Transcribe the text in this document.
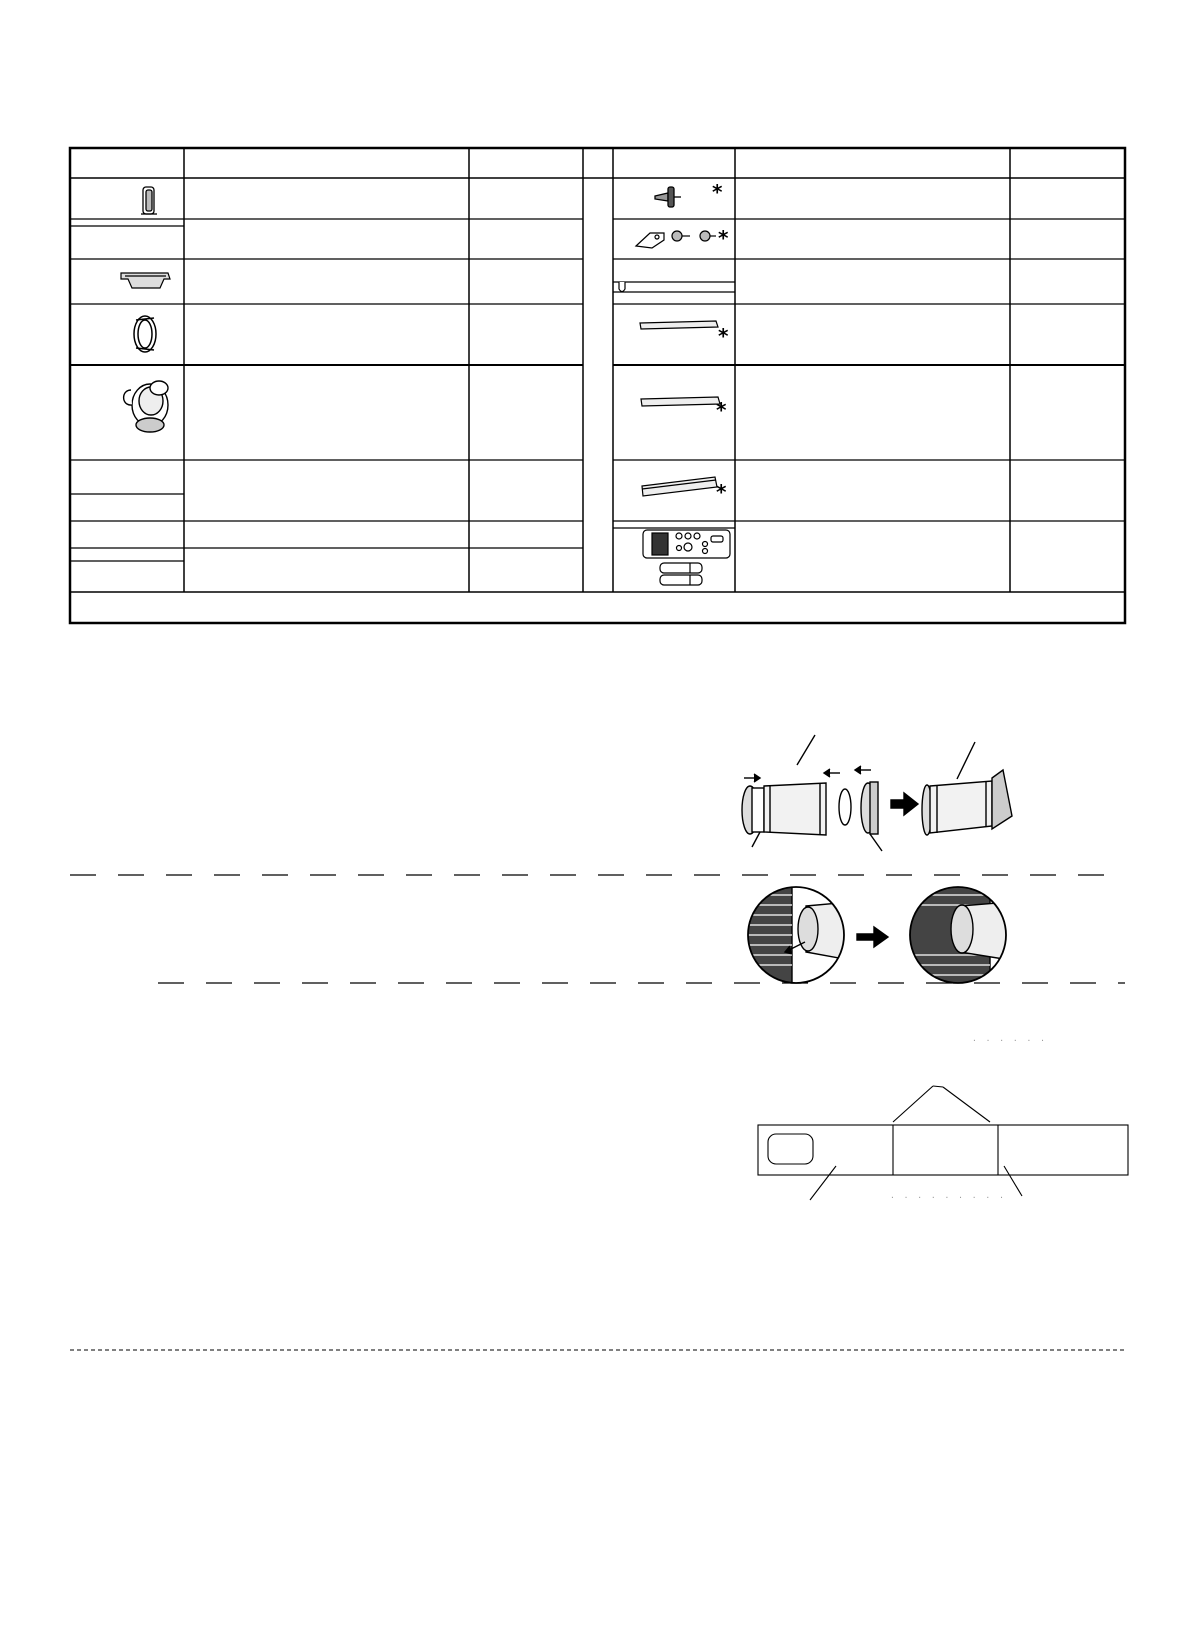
*
*
*
*
*
· · · · · ·
· · · · · · · · ·
